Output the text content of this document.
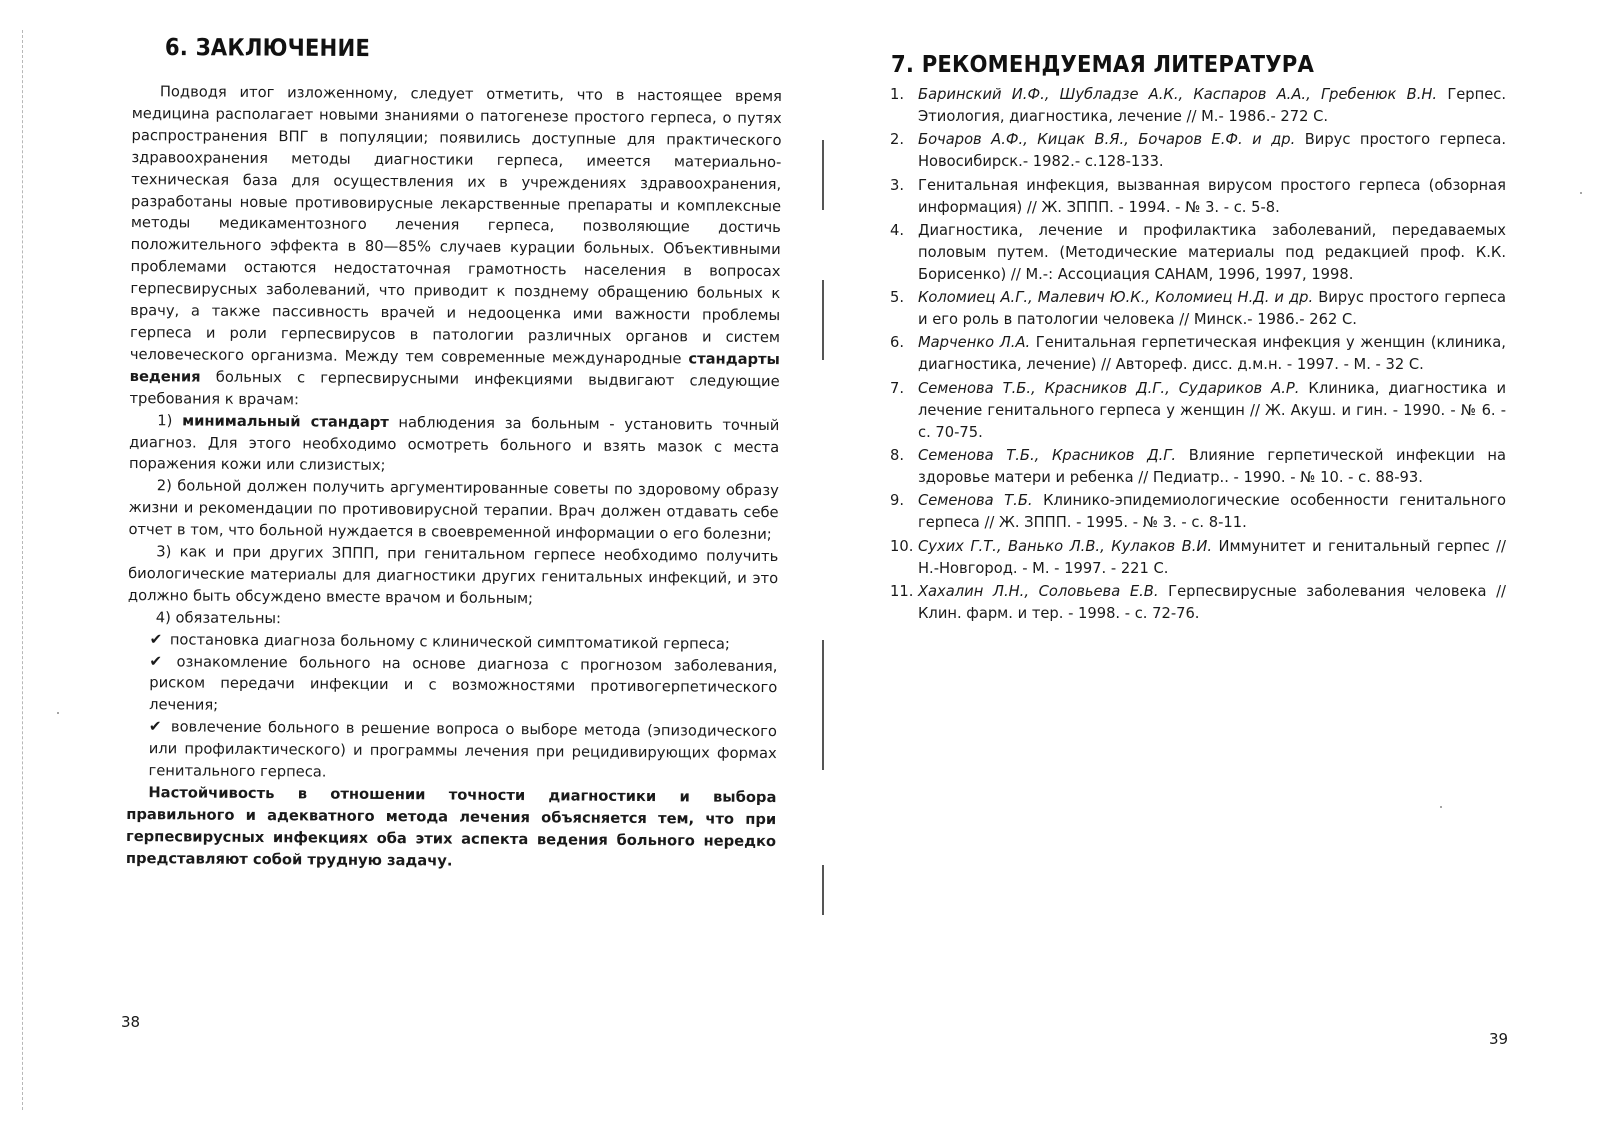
6. ЗАКЛЮЧЕНИЕ

Подводя итог изложенному, следует отметить, что в настоящее время медицина располагает новыми знаниями о патогенезе простого герпеса, о путях распространения ВПГ в популяции; появились доступные для практического здравоохранения методы диагностики герпеса, имеется материально-техническая база для осуществления их в учреждениях здравоохранения, разработаны новые противовирусные лекарственные препараты и комплексные методы медикаментозного лечения герпеса, позволяющие достичь положительного эффекта в 80—85% случаев курации больных. Объективными проблемами остаются недостаточная грамотность населения в вопросах герпесвирусных заболеваний, что приводит к позднему обращению больных к врачу, а также пассивность врачей и недооценка ими важности проблемы герпеса и роли герпесвирусов в патологии различных органов и систем человеческого организма. Между тем современные международные стандарты ведения больных с герпесвирусными инфекциями выдвигают следующие требования к врачам:

1) минимальный стандарт наблюдения за больным - установить точный диагноз. Для этого необходимо осмотреть больного и взять мазок с места поражения кожи или слизистых;

2) больной должен получить аргументированные советы по здоровому образу жизни и рекомендации по противовирусной терапии. Врач должен отдавать себе отчет в том, что больной нуждается в своевременной информации о его болезни;

3) как и при других ЗППП, при генитальном герпесе необходимо получить биологические материалы для диагностики других генитальных инфекций, и это должно быть обсуждено вместе врачом и больным;

4) обязательны:

✔ постановка диагноза больному с клинической симптоматикой герпеса;

✔ ознакомление больного на основе диагноза с прогнозом заболевания, риском передачи инфекции и с возможностями противогерпетического лечения;

✔ вовлечение больного в решение вопроса о выборе метода (эпизодического или профилактического) и программы лечения при рецидивирующих формах генитального герпеса.

Настойчивость в отношении точности диагностики и выбора правильного и адекватного метода лечения объясняется тем, что при герпесвирусных инфекциях оба этих аспекта ведения больного нередко представляют собой трудную задачу.

38
7. РЕКОМЕНДУЕМАЯ ЛИТЕРАТУРА
1. Баринский И.Ф., Шубладзе А.К., Каспаров А.А., Гребенюк В.Н. Герпес. Этиология, диагностика, лечение // М.- 1986.- 272 С.
2. Бочаров А.Ф., Кицак В.Я., Бочаров Е.Ф. и др. Вирус простого герпеса. Новосибирск.- 1982.- с.128-133.
3. Генитальная инфекция, вызванная вирусом простого герпеса (обзорная информация) // Ж. ЗППП. - 1994. - № 3. - с. 5-8.
4. Диагностика, лечение и профилактика заболеваний, передаваемых половым путем. (Методические материалы под редакцией проф. К.К. Борисенко) // М.-: Ассоциация САНАМ, 1996, 1997, 1998.
5. Коломиец А.Г., Малевич Ю.К., Коломиец Н.Д. и др. Вирус простого герпеса и его роль в патологии человека // Минск.- 1986.- 262 С.
6. Марченко Л.А. Генитальная герпетическая инфекция у женщин (клиника, диагностика, лечение) // Автореф. дисс. д.м.н. - 1997. - М. - 32 С.
7. Семенова Т.Б., Красников Д.Г., Судариков А.Р. Клиника, диагностика и лечение генитального герпеса у женщин // Ж. Акуш. и гин. - 1990. - № 6. - с. 70-75.
8. Семенова Т.Б., Красников Д.Г. Влияние герпетической инфекции на здоровье матери и ребенка // Педиатр.. - 1990. - № 10. - с. 88-93.
9. Семенова Т.Б. Клинико-эпидемиологические особенности генитального герпеса // Ж. ЗППП. - 1995. - № 3. - с. 8-11.
10. Сухих Г.Т., Ванько Л.В., Кулаков В.И. Иммунитет и генитальный герпес // Н.-Новгород. - М. - 1997. - 221 С.
11. Хахалин Л.Н., Соловьева Е.В. Герпесвирусные заболевания человека // Клин. фарм. и тер. - 1998. - с. 72-76.
39
